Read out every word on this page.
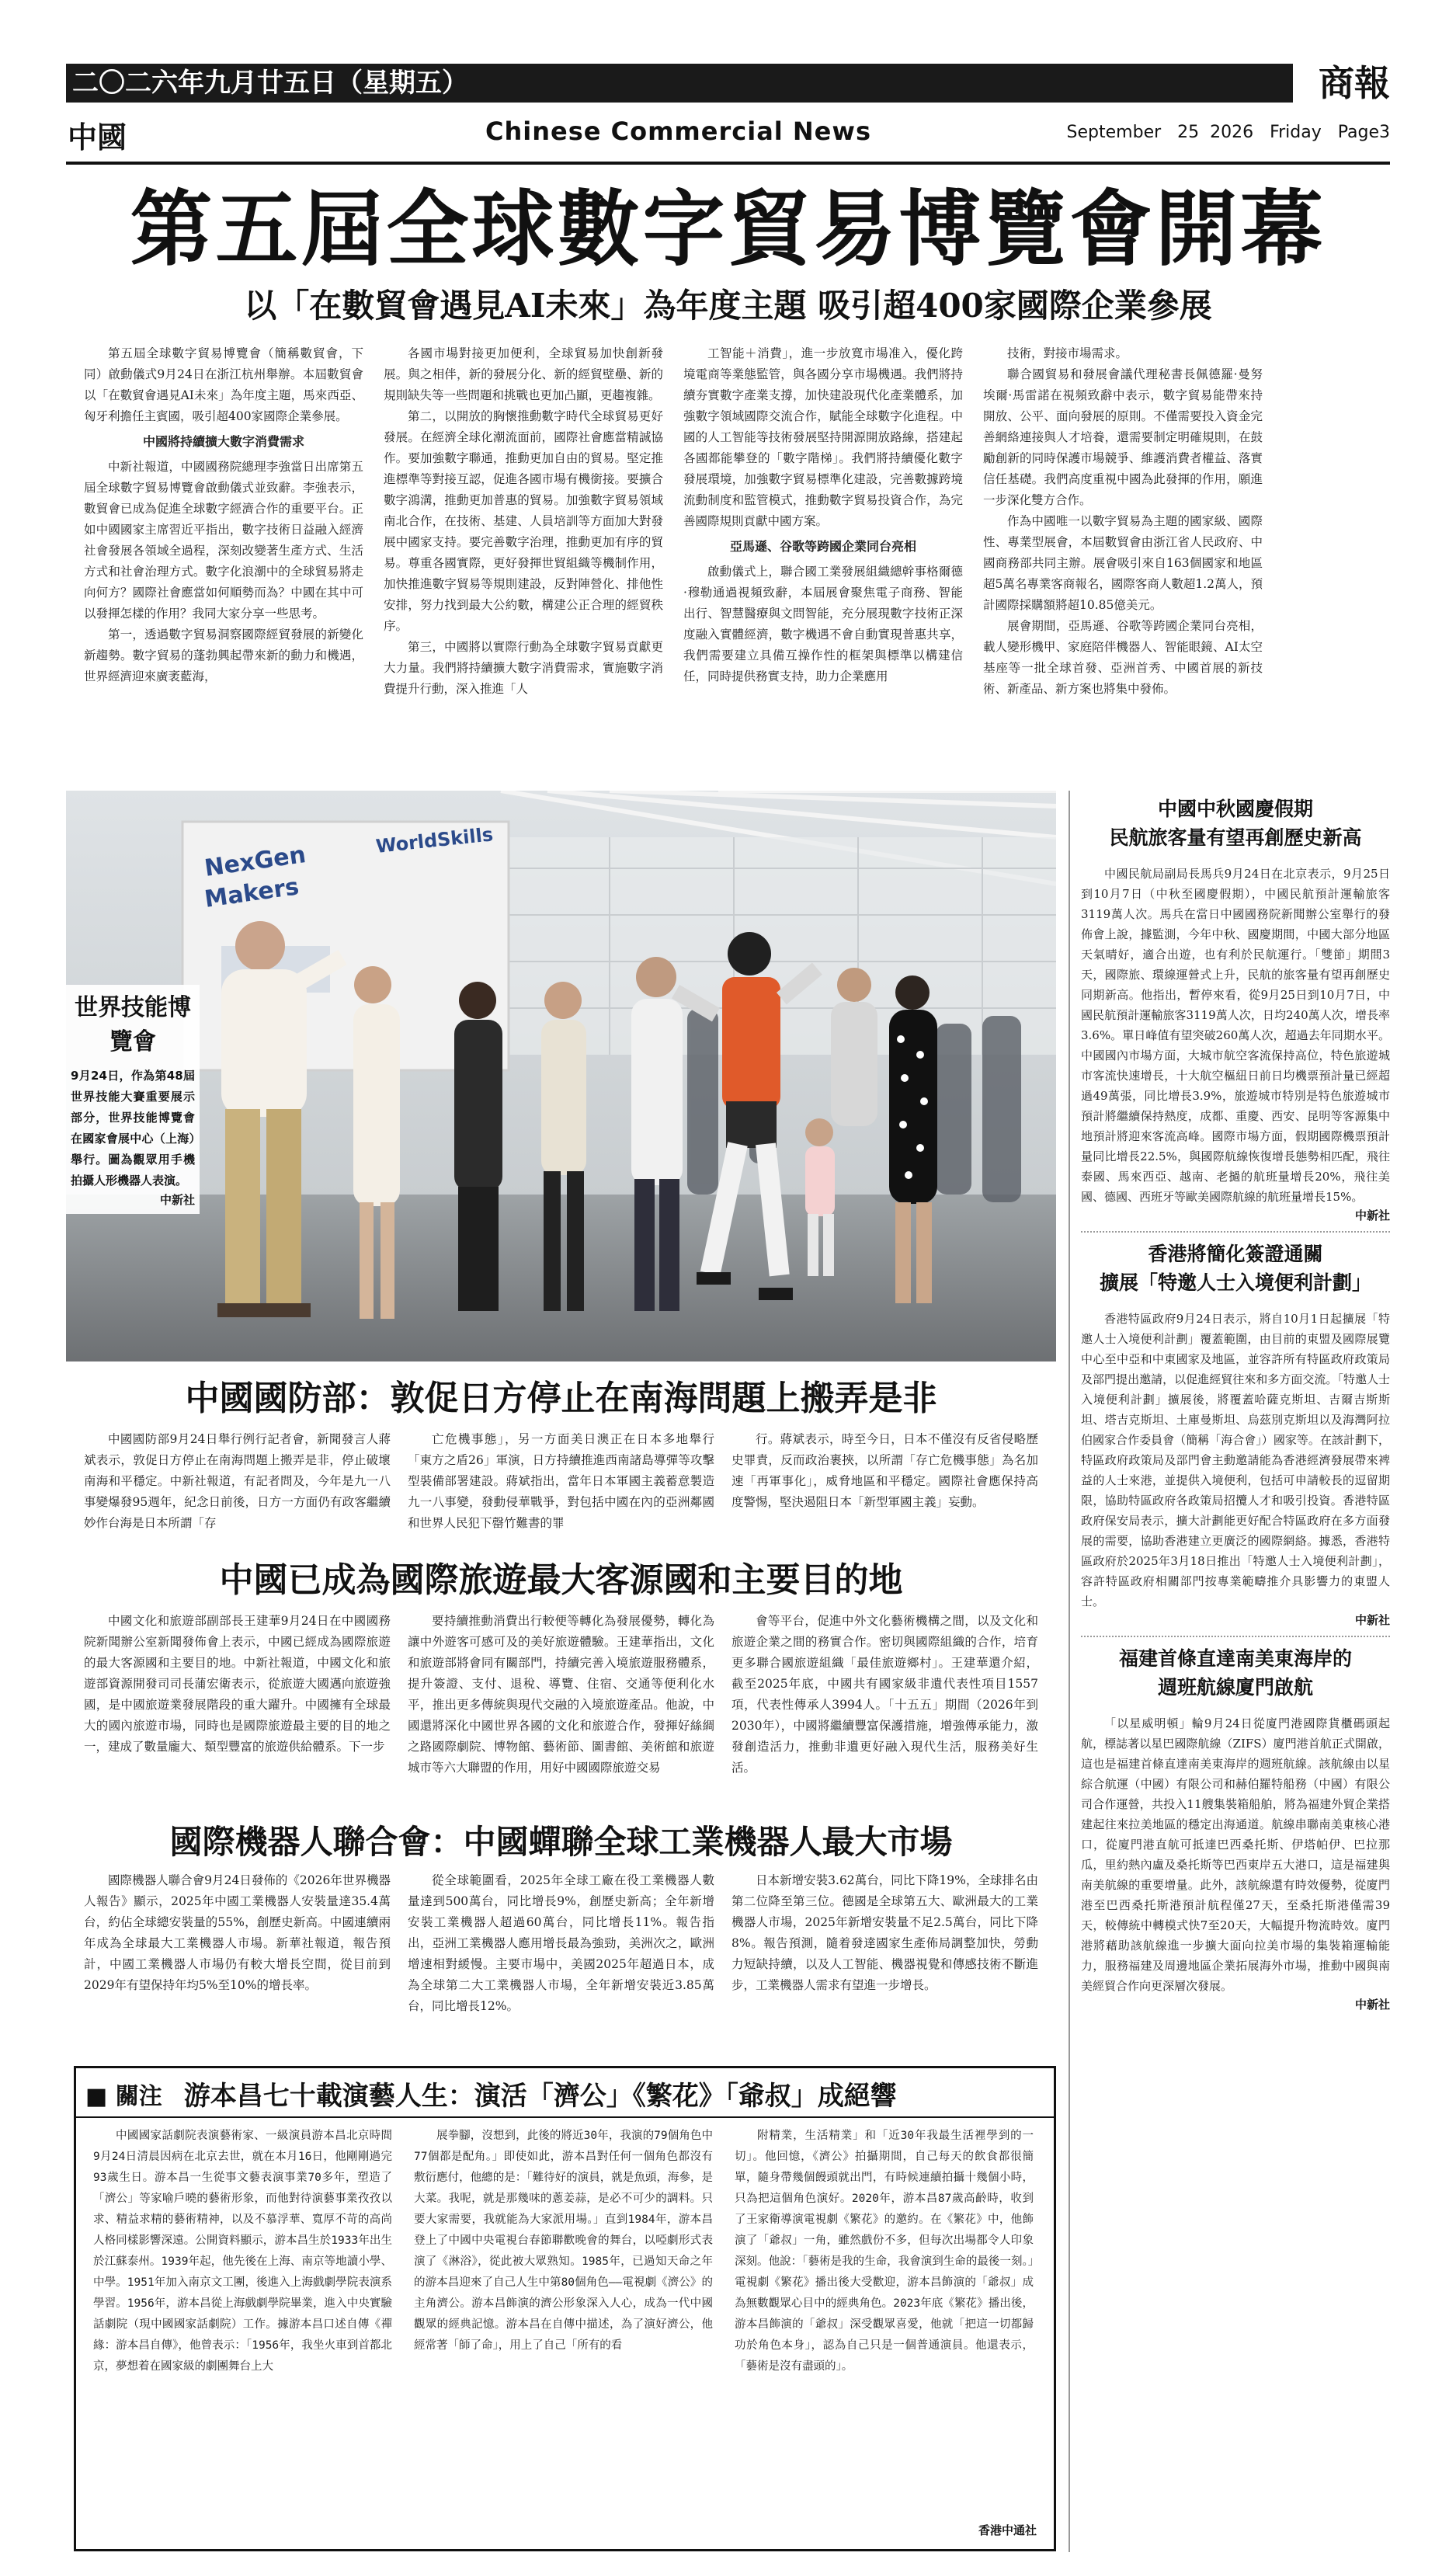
二〇二六年九月廿五日（星期五）	商報
中國	Chinese Commercial News	September   25  2026   Friday   Page3
第五屆全球數字貿易博覽會開幕
以「在數貿會遇見AI未來」為年度主題 吸引超400家國際企業參展

第五屆全球數字貿易博覽會（簡稱數貿會，下同）啟動儀式9月24日在浙江杭州舉辦。本屆數貿會以「在數貿會遇見AI未來」為年度主題，馬來西亞、匈牙利擔任主賓國，吸引超400家國際企業參展。

中國將持續擴大數字消費需求

中新社報道，中國國務院總理李強當日出席第五屆全球數字貿易博覽會啟動儀式並致辭。李強表示，數貿會已成為促進全球數字經濟合作的重要平台。正如中國國家主席習近平指出，數字技術日益融入經濟社會發展各領域全過程，深刻改變著生產方式、生活方式和社會治理方式。數字化浪潮中的全球貿易將走向何方？國際社會應當如何順勢而為？中國在其中可以發揮怎樣的作用？我同大家分享一些思考。

第一，透過數字貿易洞察國際經貿發展的新變化新趨勢。數字貿易的蓬勃興起帶來新的動力和機遇，世界經濟迎來廣袤藍海，

各國市場對接更加便利，全球貿易加快創新發展。與之相伴，新的發展分化、新的經貿壁壘、新的規則缺失等一些問題和挑戰也更加凸顯，更趨複雜。

第二，以開放的胸懷推動數字時代全球貿易更好發展。在經濟全球化潮流面前，國際社會應當精誠協作。要加強數字聯通，推動更加自由的貿易。堅定推進標準等對接互認，促進各國市場有機銜接。要擴合數字鴻溝，推動更加普惠的貿易。加強數字貿易領域南北合作，在技術、基建、人員培訓等方面加大對發展中國家支持。要完善數字治理，推動更加有序的貿易。尊重各國實際，更好發揮世貿組織等機制作用，加快推進數字貿易等規則建設，反對陣營化、排他性安排，努力找到最大公約數，構建公正合理的經貿秩序。

第三，中國將以實際行動為全球數字貿易貢獻更大力量。我們將持續擴大數字消費需求，實施數字消費提升行動，深入推進「人

工智能＋消費」，進一步放寬市場准入，優化跨境電商等業態監管，與各國分享市場機遇。我們將持續夯實數字產業支撐，加快建設現代化產業體系，加強數字領域國際交流合作，賦能全球數字化進程。中國的人工智能等技術發展堅持開源開放路線，搭建起各國都能攀登的「數字階梯」。我們將持續優化數字發展環境，加強數字貿易標準化建設，完善數據跨境流動制度和監管模式，推動數字貿易投資合作，為完善國際規則貢獻中國方案。

亞馬遜、谷歌等跨國企業同台亮相

啟動儀式上，聯合國工業發展組織總幹事格爾德·穆勒通過視頻致辭，本屆展會聚焦電子商務、智能出行、智慧醫療與文問智能，充分展現數字技術正深度融入實體經濟，數字機遇不會自動實現普惠共享，我們需要建立具備互操作性的框架與標準以構建信任，同時提供務實支持，助力企業應用

技術，對接市場需求。

聯合國貿易和發展會議代理秘書長佩德羅·曼努埃爾·馬雷諾在視頻致辭中表示，數字貿易能帶來持開放、公平、面向發展的原則。不僅需要投入資金完善網絡連接與人才培養，還需要制定明確規則，在鼓勵創新的同時保護市場競爭、維護消費者權益、落實信任基礎。我們高度重視中國為此發揮的作用，願進一步深化雙方合作。

作為中國唯一以數字貿易為主題的國家級、國際性、專業型展會，本屆數貿會由浙江省人民政府、中國商務部共同主辦。展會吸引來自163個國家和地區超5萬名專業客商報名，國際客商人數超1.2萬人，預計國際採購額將超10.85億美元。

展會期間，亞馬遜、谷歌等跨國企業同台亮相，載人變形機甲、家庭陪伴機器人、智能眼鏡、AI太空基座等一批全球首發、亞洲首秀、中國首展的新技術、新產品、新方案也將集中發佈。

NexGen
Makers
WorldSkills
世界技能博覽會
9月24日，作為第48屆世界技能大賽重要展示部分，世界技能博覽會在國家會展中心（上海）舉行。圖為觀眾用手機拍攝人形機器人表演。
中新社
中國國防部：敦促日方停止在南海問題上搬弄是非

中國國防部9月24日舉行例行記者會，新聞發言人蔣斌表示，敦促日方停止在南海問題上搬弄是非，停止破壞南海和平穩定。中新社報道，有記者問及，今年是九一八事變爆發95週年，紀念日前後，日方一方面仍有政客繼續妙作台海是日本所謂「存

亡危機事態」，另一方面美日澳正在日本多地舉行「東方之盾26」軍演，日方持續推進西南諸島導彈等攻擊型裝備部署建設。蔣斌指出，當年日本軍國主義蓄意製造九一八事變，發動侵華戰爭，對包括中國在內的亞洲鄰國和世界人民犯下罄竹難書的罪

行。蔣斌表示，時至今日，日本不僅沒有反省侵略歷史罪責，反而政治裹挾，以所謂「存亡危機事態」為名加速「再軍事化」，威脅地區和平穩定。國際社會應保持高度警惕，堅決遏阻日本「新型軍國主義」妄動。

中國已成為國際旅遊最大客源國和主要目的地

中國文化和旅遊部副部長王建華9月24日在中國國務院新聞辦公室新聞發佈會上表示，中國已經成為國際旅遊的最大客源國和主要目的地。中新社報道，中國文化和旅遊部資源開發司司長蒲宏衛表示，從旅遊大國邁向旅遊強國，是中國旅遊業發展階段的重大躍升。中國擁有全球最大的國內旅遊市場，同時也是國際旅遊最主要的目的地之一，建成了數量龐大、類型豐富的旅遊供給體系。下一步

要持續推動消費出行較便等轉化為發展優勢，轉化為讓中外遊客可感可及的美好旅遊體驗。王建華指出，文化和旅遊部將會同有關部門，持續完善入境旅遊服務體系，提升簽證、支付、退稅、導覽、住宿、交通等便利化水平，推出更多傳統與現代交融的入境旅遊產品。他說，中國還將深化中國世界各國的文化和旅遊合作，發揮好絲綢之路國際劇院、博物館、藝術節、圖書館、美術館和旅遊城市等六大聯盟的作用，用好中國國際旅遊交易

會等平台，促進中外文化藝術機構之間，以及文化和旅遊企業之間的務實合作。密切與國際組織的合作，培育更多聯合國旅遊組織「最佳旅遊鄉村」。王建華還介紹，截至2025年底，中國共有國家級非遺代表性項目1557項，代表性傳承人3994人。「十五五」期間（2026年到2030年），中國將繼續豐富保護措施，增強傳承能力，激發創造活力，推動非遺更好融入現代生活，服務美好生活。

國際機器人聯合會：中國蟬聯全球工業機器人最大市場

國際機器人聯合會9月24日發佈的《2026年世界機器人報告》顯示，2025年中國工業機器人安裝量達35.4萬台，約佔全球總安裝量的55%，創歷史新高。中國連續兩年成為全球最大工業機器人市場。新華社報道，報告預計，中國工業機器人市場仍有較大增長空間，從目前到2029年有望保持年均5%至10%的增長率。

從全球範圍看，2025年全球工廠在役工業機器人數量達到500萬台，同比增長9%，創歷史新高；全年新增安裝工業機器人超過60萬台，同比增長11%。報告指出，亞洲工業機器人應用增長最為強勁，美洲次之，歐洲增速相對緩慢。主要市場中，美國2025年超過日本，成為全球第二大工業機器人市場，全年新增安裝近3.85萬台，同比增長12%。

日本新增安裝3.62萬台，同比下降19%，全球排名由第二位降至第三位。德國是全球第五大、歐洲最大的工業機器人市場，2025年新增安裝量不足2.5萬台，同比下降8%。報告預測，隨着發達國家生產佈局調整加快，勞動力短缺持續，以及人工智能、機器視覺和傳感技術不斷進步，工業機器人需求有望進一步增長。

■ 關注 游本昌七十載演藝人生：演活「濟公」《繁花》「爺叔」成絕響

中國國家話劇院表演藝術家、一級演員游本昌北京時間9月24日清晨因病在北京去世，就在本月16日，他剛剛過完93歲生日。游本昌一生從事文藝表演事業70多年，塑造了「濟公」等家喻戶曉的藝術形象，而他對待演藝事業孜孜以求、精益求精的藝術精神，以及不慕浮華、寬厚不苛的高尚人格同樣影響深遠。公開資料顯示，游本昌生於1933年出生於江蘇泰州。1939年起，他先後在上海、南京等地讀小學、中學。1951年加入南京文工團，後進入上海戲劇學院表演系學習。1956年，游本昌從上海戲劇學院畢業，進入中央實驗話劇院（現中國國家話劇院）工作。據游本昌口述自傳《禪緣：游本昌自傳》，他曾表示：「1956年，我坐火車到首都北京，夢想着在國家級的劇團舞台上大

展拳腳，沒想到，此後的將近30年，我演的79個角色中77個都是配角。」即使如此，游本昌對任何一個角色都沒有敷衍應付，他總的是：「難待好的演員，就是魚頭，海參，是大菜。我呢，就是那幾味的蔥姜蒜，是必不可少的調料。只要大家需要，我就能為大家派用場。」直到1984年，游本昌登上了中國中央電視台春節聯歡晚會的舞台，以啞劇形式表演了《淋浴》，從此被大眾熟知。1985年，已過知天命之年的游本昌迎來了自己人生中第80個角色——電視劇《濟公》的主角濟公。游本昌飾演的濟公形象深入人心，成為一代中國觀眾的經典記憶。游本昌在自傳中描述，為了演好濟公，他經常著「師了命」，用上了自己「所有的看

附精業，生活精業」和「近30年我最生活裡學到的一切」。他回憶，《濟公》拍攝期間，自己每天的飲食都很簡單，隨身帶幾個饅頭就出門，有時候連續拍攝十幾個小時，只為把這個角色演好。2020年，游本昌87歲高齡時，收到了王家衛導演電視劇《繁花》的邀約。在《繁花》中，他飾演了「爺叔」一角，雖然戲份不多，但每次出場都令人印象深刻。他說：「藝術是我的生命，我會演到生命的最後一刻。」電視劇《繁花》播出後大受歡迎，游本昌飾演的「爺叔」成為無數觀眾心目中的經典角色。2023年底《繁花》播出後，游本昌飾演的「爺叔」深受觀眾喜愛，他就「把這一切都歸功於角色本身」，認為自己只是一個普通演員。他還表示，「藝術是沒有盡頭的」。

香港中通社
中國中秋國慶假期
民航旅客量有望再創歷史新高

中國民航局副局長馬兵9月24日在北京表示，9月25日到10月7日（中秋至國慶假期），中國民航預計運輸旅客3119萬人次。馬兵在當日中國國務院新聞辦公室舉行的發佈會上說，據監測，今年中秋、國慶期間，中國大部分地區天氣晴好，適合出遊，也有利於民航運行。「雙節」期間3天，國際旅、環線運營式上升，民航的旅客量有望再創歷史同期新高。他指出，暫停來看，從9月25日到10月7日，中國民航預計運輸旅客3119萬人次，日均240萬人次，增長率3.6%。單日峰值有望突破260萬人次，超過去年同期水平。中國國內市場方面，大城市航空客流保持高位，特色旅遊城市客流快速增長，十大航空樞紐日前日均機票預計量已經超過49萬張，同比增長3.9%，旅遊城市特別是特色旅遊城市預計將繼續保持熱度，成都、重慶、西安、昆明等客源集中地預計將迎來客流高峰。國際市場方面，假期國際機票預計量同比增長22.5%，與國際航線恢復增長態勢相匹配，飛往泰國、馬來西亞、越南、老撾的航班量增長20%，飛往美國、德國、西班牙等歐美國際航線的航班量增長15%。

中新社
香港將簡化簽證通關
擴展「特邀人士入境便利計劃」

香港特區政府9月24日表示，將自10月1日起擴展「特邀人士入境便利計劃」覆蓋範圍，由目前的東盟及國際展覽中心至中亞和中東國家及地區，並容許所有特區政府政策局及部門提出邀請，以促進經貿往來和多方面交流。「特邀人士入境便利計劃」擴展後，將覆蓋哈薩克斯坦、吉爾吉斯斯坦、塔吉克斯坦、土庫曼斯坦、烏茲別克斯坦以及海灣阿拉伯國家合作委員會（簡稱「海合會」）國家等。在該計劃下，特區政府政策局及部門會主動邀請能為香港經濟發展帶來裨益的人士來港，並提供入境便利，包括可申請較長的逗留期限，協助特區政府各政策局招攬人才和吸引投資。香港特區政府保安局表示，擴大計劃能更好配合特區政府在多方面發展的需要，協助香港建立更廣泛的國際網絡。據悉，香港特區政府於2025年3月18日推出「特邀人士入境便利計劃」，容許特區政府相關部門按專業範疇推介具影響力的東盟人士。

中新社
福建首條直達南美東海岸的
週班航線廈門啟航

「以星威明頓」輪9月24日從廈門港國際貨櫃碼頭起航，標誌著以星巴國際航線（ZIFS）廈門港首航正式開啟，這也是福建首條直達南美東海岸的週班航線。該航線由以星綜合航運（中國）有限公司和赫伯羅特船務（中國）有限公司合作運營，共投入11艘集裝箱船舶，將為福建外貿企業搭建起往來拉美地區的穩定出海通道。航線串聯南美東核心港口，從廈門港直航可抵達巴西桑托斯、伊塔帕伊、巴拉那瓜，里約熱內盧及桑托斯等巴西東岸五大港口，這是福建與南美航線的重要增量。此外，該航線還有時效優勢，從廈門港至巴西桑托斯港預計航程僅27天，至桑托斯港僅需39天，較傳統中轉模式快7至20天，大幅提升物流時效。廈門港將藉助該航線進一步擴大面向拉美市場的集裝箱運輸能力，服務福建及周邊地區企業拓展海外市場，推動中國與南美經貿合作向更深層次發展。

中新社
